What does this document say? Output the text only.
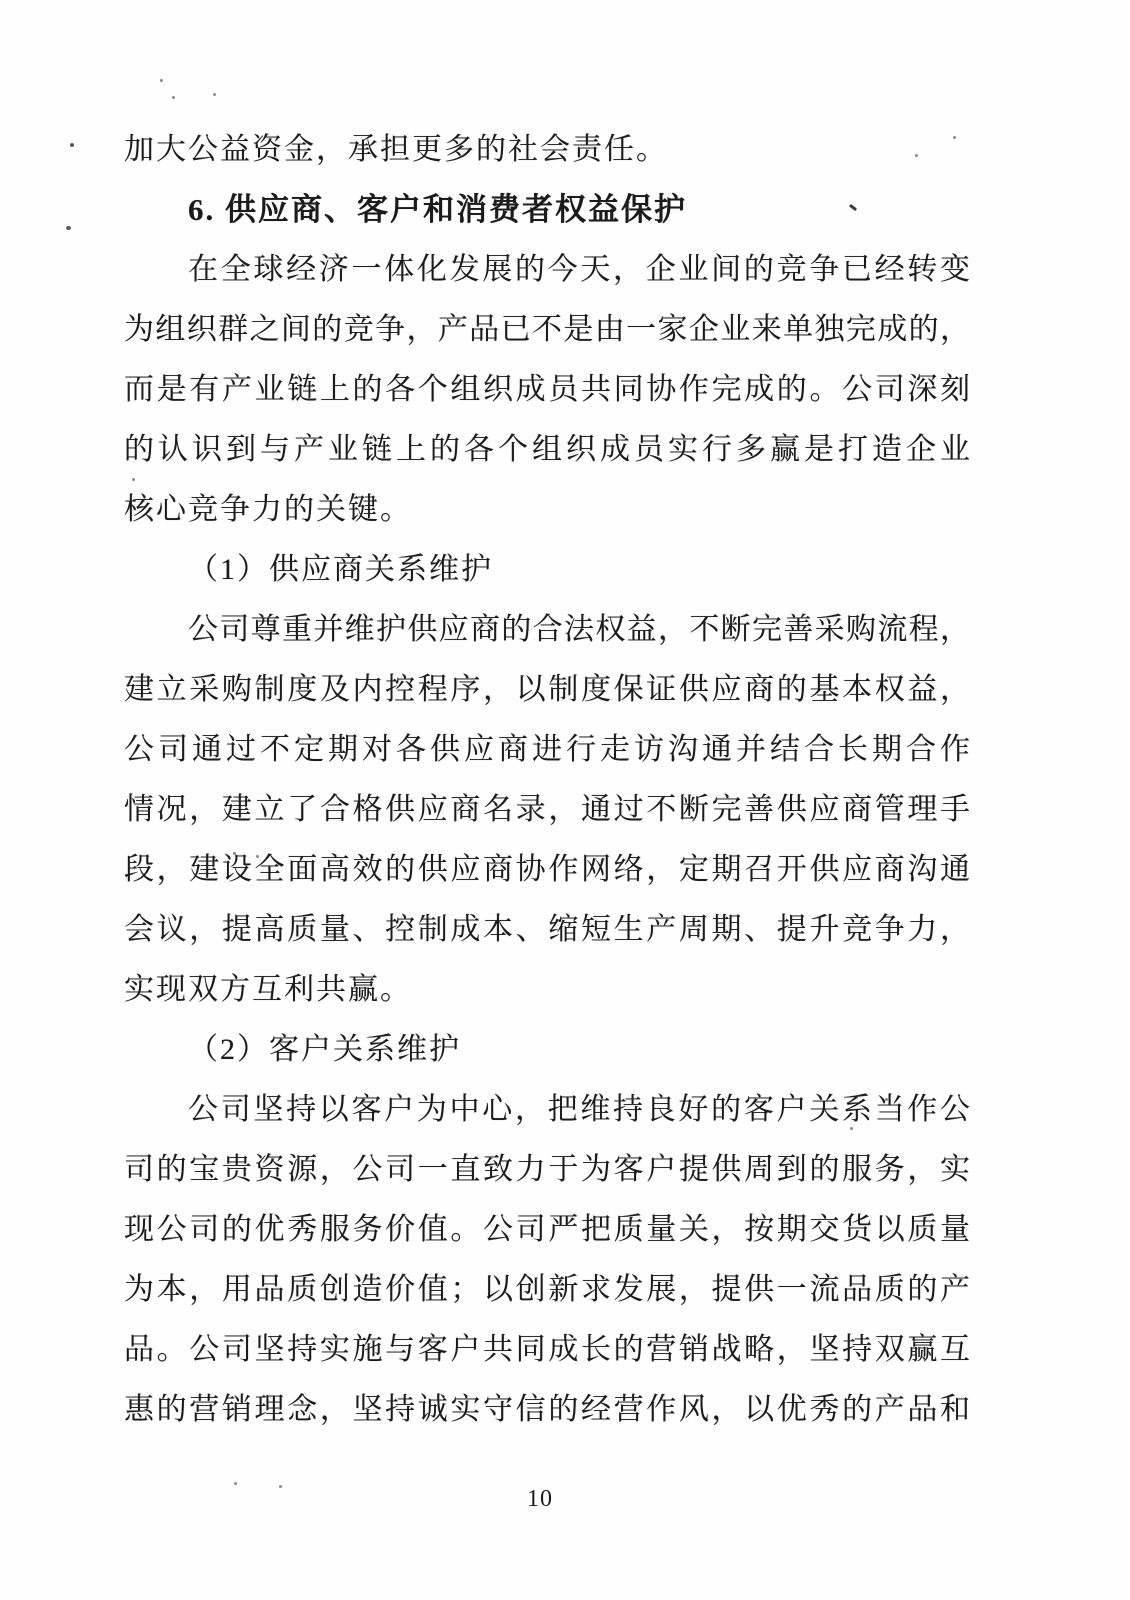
加大公益资金，承担更多的社会责任。
6. 供应商、客户和消费者权益保护
在全球经济一体化发展的今天，企业间的竞争已经转变
为组织群之间的竞争，产品已不是由一家企业来单独完成的，
而是有产业链上的各个组织成员共同协作完成的。公司深刻
的认识到与产业链上的各个组织成员实行多赢是打造企业
核心竞争力的关键。
（1）供应商关系维护
公司尊重并维护供应商的合法权益，不断完善采购流程，
建立采购制度及内控程序，以制度保证供应商的基本权益，
公司通过不定期对各供应商进行走访沟通并结合长期合作
情况，建立了合格供应商名录，通过不断完善供应商管理手
段，建设全面高效的供应商协作网络，定期召开供应商沟通
会议，提高质量、控制成本、缩短生产周期、提升竞争力，
实现双方互利共赢。
（2）客户关系维护
公司坚持以客户为中心，把维持良好的客户关系当作公
司的宝贵资源，公司一直致力于为客户提供周到的服务，实
现公司的优秀服务价值。公司严把质量关，按期交货以质量
为本，用品质创造价值；以创新求发展，提供一流品质的产
品。公司坚持实施与客户共同成长的营销战略，坚持双赢互
惠的营销理念，坚持诚实守信的经营作风，以优秀的产品和
10
